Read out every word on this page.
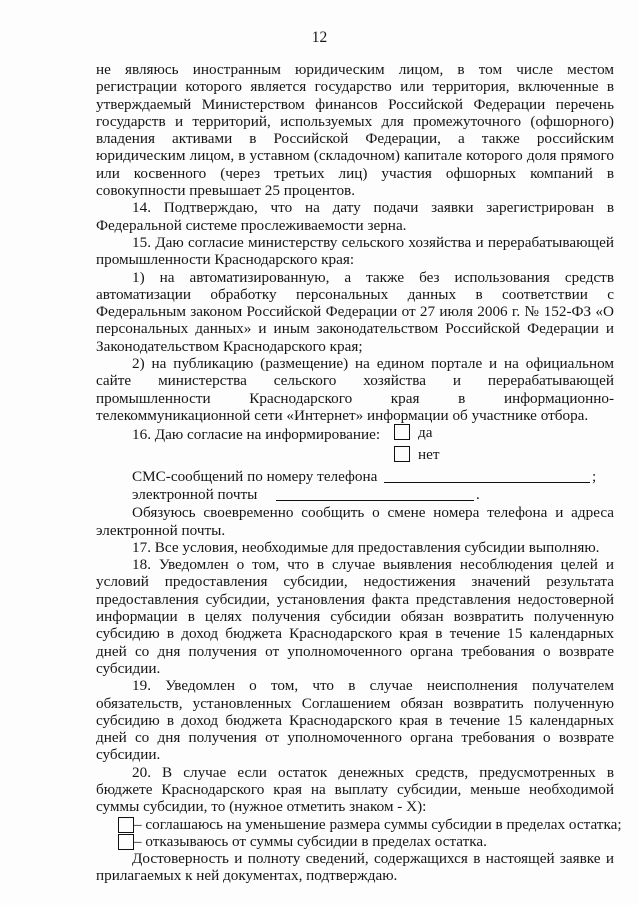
12

не являюсь иностранным юридическим лицом, в том числе местом регистрации которого является государство или территория, включенные в утверждаемый Министерством финансов Российской Федерации перечень государств и территорий, используемых для промежуточного (офшорного) владения активами в Российской Федерации, а также российским юридическим лицом, в уставном (складочном) капитале которого доля прямого или косвенного (через третьих лиц) участия офшорных компаний в совокупности превышает 25 процентов.

14. Подтверждаю, что на дату подачи заявки зарегистрирован в Федеральной системе прослеживаемости зерна.

15. Даю согласие министерству сельского хозяйства и перерабатывающей промышленности Краснодарского края:

1) на автоматизированную, а также без использования средств автоматизации обработку персональных данных в соответствии с Федеральным законом Российской Федерации от 27 июля 2006 г. № 152-ФЗ «О персональных данных» и иным законодательством Российской Федерации и Законодательством Краснодарского края;

2) на публикацию (размещение) на едином портале и на официальном сайте министерства сельского хозяйства и перерабатывающей промышленности Краснодарского края в информационно-телекоммуникационной сети «Интернет» информации об участнике отбора.

16. Даю согласие на информирование:	да
нет
СМС-сообщений по номеру телефона	;
электронной почты	.

Обязуюсь своевременно сообщить о смене номера телефона и адреса электронной почты.

17. Все условия, необходимые для предоставления субсидии выполняю.

18. Уведомлен о том, что в случае выявления несоблюдения целей и условий предоставления субсидии, недостижения значений результата предоставления субсидии, установления факта представления недостоверной информации в целях получения субсидии обязан возвратить полученную субсидию в доход бюджета Краснодарского края в течение 15 календарных дней со дня получения от уполномоченного органа требования о возврате субсидии.

19. Уведомлен о том, что в случае неисполнения получателем обязательств, установленных Соглашением обязан возвратить полученную субсидию в доход бюджета Краснодарского края в течение 15 календарных дней со дня получения от уполномоченного органа требования о возврате субсидии.

20. В случае если остаток денежных средств, предусмотренных в бюджете Краснодарского края на выплату субсидии, меньше необходимой суммы субсидии, то (нужное отметить знаком - Х):

– соглашаюсь на уменьшение размера суммы субсидии в пределах остатка;
– отказываюсь от суммы субсидии в пределах остатка.

Достоверность и полноту сведений, содержащихся в настоящей заявке и прилагаемых к ней документах, подтверждаю.
